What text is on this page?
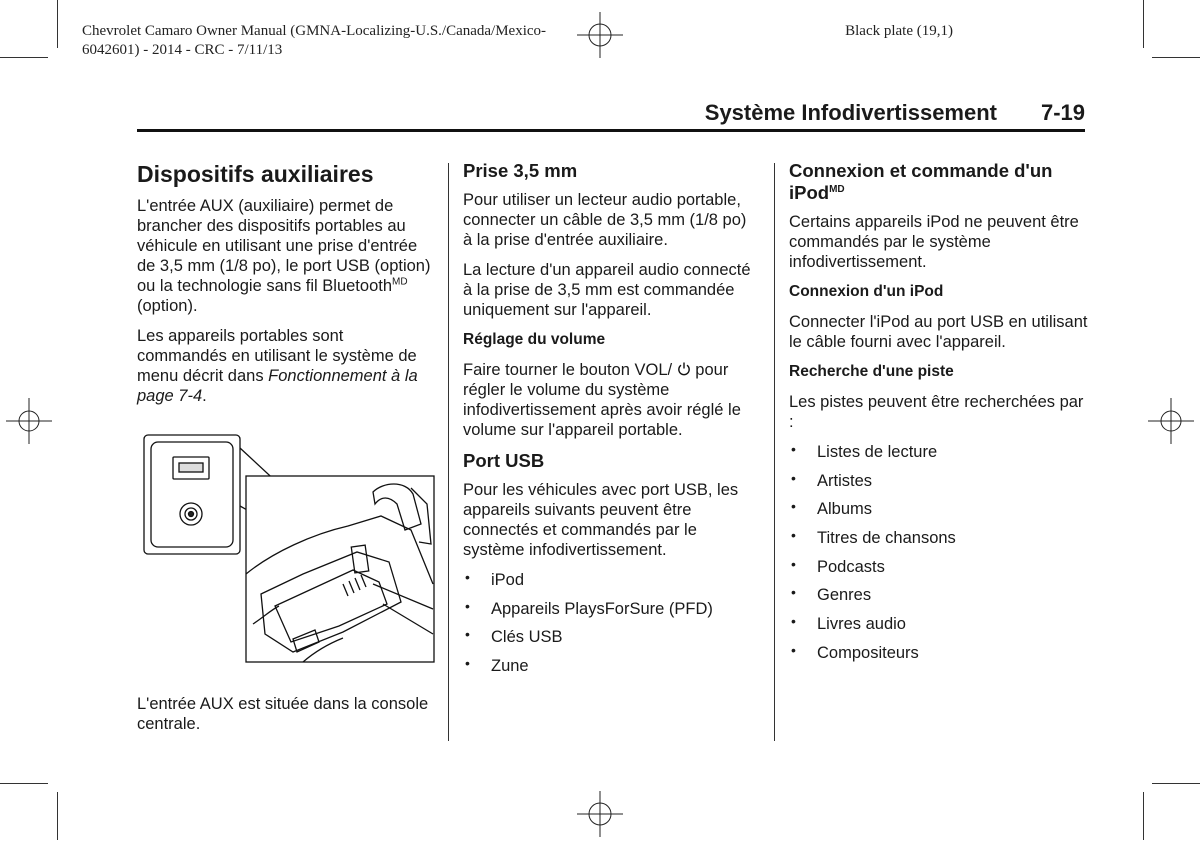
Chevrolet Camaro Owner Manual (GMNA-Localizing-U.S./Canada/Mexico-
6042601) - 2014 - CRC - 7/11/13
Black plate (19,1)
Système Infodivertissement 7-19
Dispositifs auxiliaires

L'entrée AUX (auxiliaire) permet de brancher des dispositifs portables au véhicule en utilisant une prise d'entrée de 3,5 mm (1/8 po), le port USB (option) ou la technologie sans fil Bluetooth$^{MD}$ (option).

Les appareils portables sont commandés en utilisant le système de menu décrit dans Fonctionnement à la page 7-4.

L'entrée AUX est située dans la console centrale.

Prise 3,5 mm

Pour utiliser un lecteur audio portable, connecter un câble de 3,5 mm (1/8 po) à la prise d'entrée auxiliaire.

La lecture d'un appareil audio connecté à la prise de 3,5 mm est commandée uniquement sur l'appareil.

Réglage du volume

Faire tourner le bouton VOL/  pour régler le volume du système infodivertissement après avoir réglé le volume sur l'appareil portable.

Port USB

Pour les véhicules avec port USB, les appareils suivants peuvent être connectés et commandés par le système infodivertissement.

• iPod
• Appareils PlaysForSure (PFD)
• Clés USB
• Zune
Connexion et commande d'un iPod$^{MD}$

Certains appareils iPod ne peuvent être commandés par le système infodivertissement.

Connexion d'un iPod

Connecter l'iPod au port USB en utilisant le câble fourni avec l'appareil.

Recherche d'une piste

Les pistes peuvent être recherchées par :

• Listes de lecture
• Artistes
• Albums
• Titres de chansons
• Podcasts
• Genres
• Livres audio
• Compositeurs
